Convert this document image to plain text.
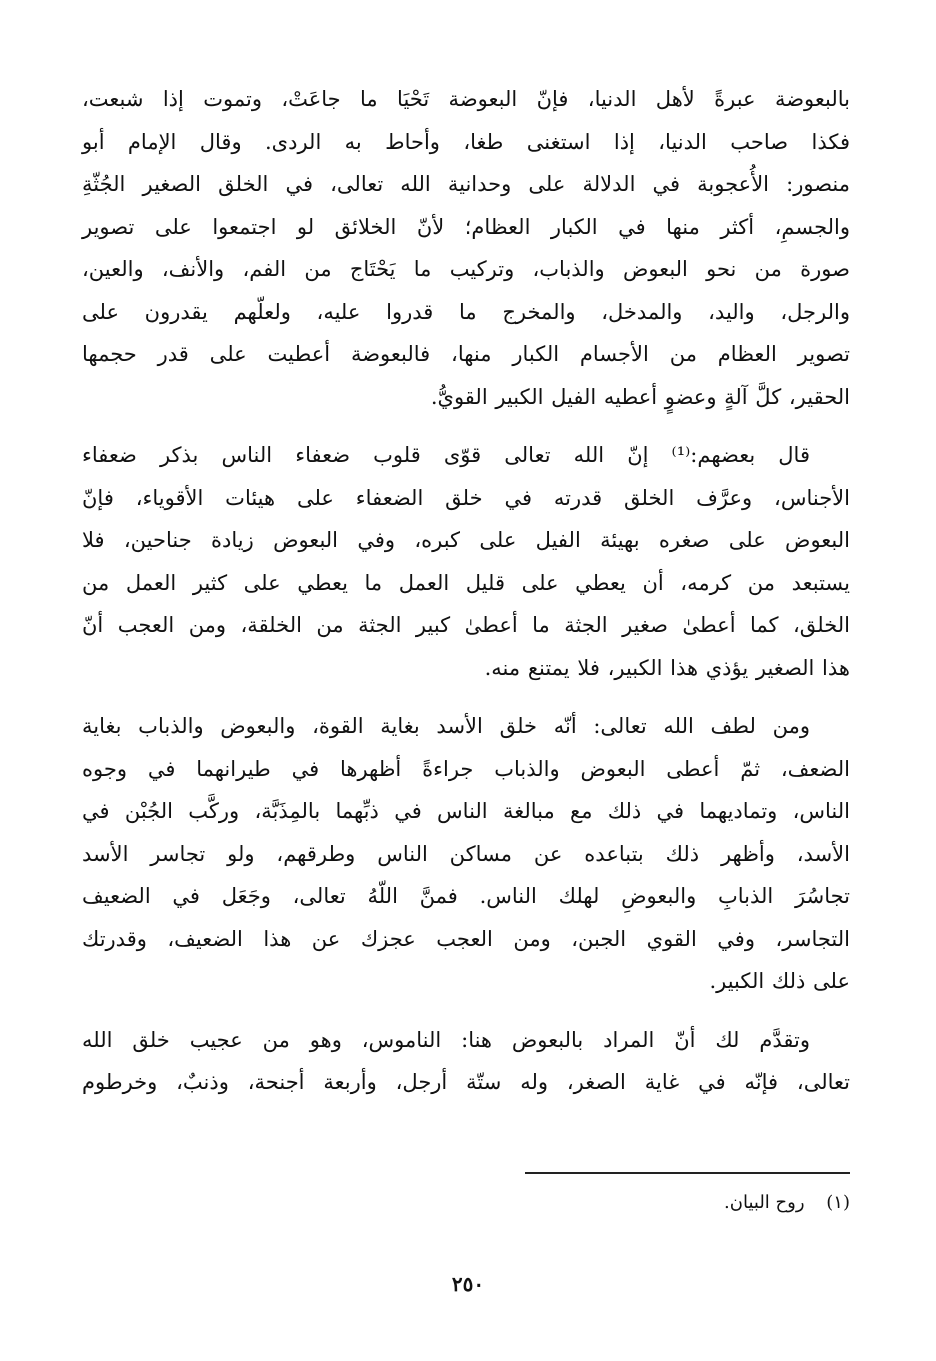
بالبعوضة عبرةً لأهل الدنيا، فإنّ البعوضة تَحْيَا ما جاعَتْ، وتموت إذا شبعت،
فكذا صاحب الدنيا، إذا استغنى طغا، وأحاط به الردى. وقال الإمام أبو
منصور: الأُعجوبة في الدلالة على وحدانية الله تعالى، في الخلق الصغير الجُثّةِ
والجسمِ، أكثر منها في الكبار العظام؛ لأنّ الخلائق لو اجتمعوا على تصوير
صورة من نحو البعوض والذباب، وتركيب ما يَحْتَاج من الفم، والأنف، والعين،
والرجل، واليد، والمدخل، والمخرج ما قدروا عليه، ولعلّهم يقدرون على
تصوير العظام من الأجسام الكبار منها، فالبعوضة أعطيت على قدر حجمها
الحقير، كلَّ آلةٍ وعضوٍ أعطيه الفيل الكبير القويُّ.

قال بعضهم:⁽¹⁾ إنّ الله تعالى قوّى قلوب ضعفاء الناس بذكر ضعفاء
الأجناس، وعرَّف الخلق قدرته في خلق الضعفاء على هيئات الأقوياء، فإنّ
البعوض على صغره بهيئة الفيل على كبره، وفي البعوض زيادة جناحين، فلا
يستبعد من كرمه، أن يعطي على قليل العمل ما يعطي على كثير العمل من
الخلق، كما أعطىٰ صغير الجثة ما أعطىٰ كبير الجثة من الخلقة، ومن العجب أنّ
هذا الصغير يؤذي هذا الكبير، فلا يمتنع منه.

ومن لطف الله تعالى: أنّه خلق الأسد بغاية القوة، والبعوض والذباب بغاية
الضعف، ثمّ أعطى البعوض والذباب جراءةً أظهرها في طيرانهما في وجوه
الناس، وتماديهما في ذلك مع مبالغة الناس في ذبِّهما بالمِذَبَّة، وركَّب الجُبْن في
الأسد، وأظهر ذلك بتباعده عن مساكن الناس وطرقهم، ولو تجاسر الأسد
تجاسُرَ الذبابِ والبعوضِ لهلك الناس. فمنَّ اللّهُ تعالى، وجَعَل في الضعيف
التجاسر، وفي القوي الجبن، ومن العجب عجزك عن هذا الضعيف، وقدرتك
على ذلك الكبير.

وتقدَّم لك أنّ المراد بالبعوض هنا: الناموس، وهو من عجيب خلق الله
تعالى، فإنّه في غاية الصغر، وله ستّة أرجل، وأربعة أجنحة، وذنبٌ، وخرطوم

(١) روح البيان.
٢٥٠
